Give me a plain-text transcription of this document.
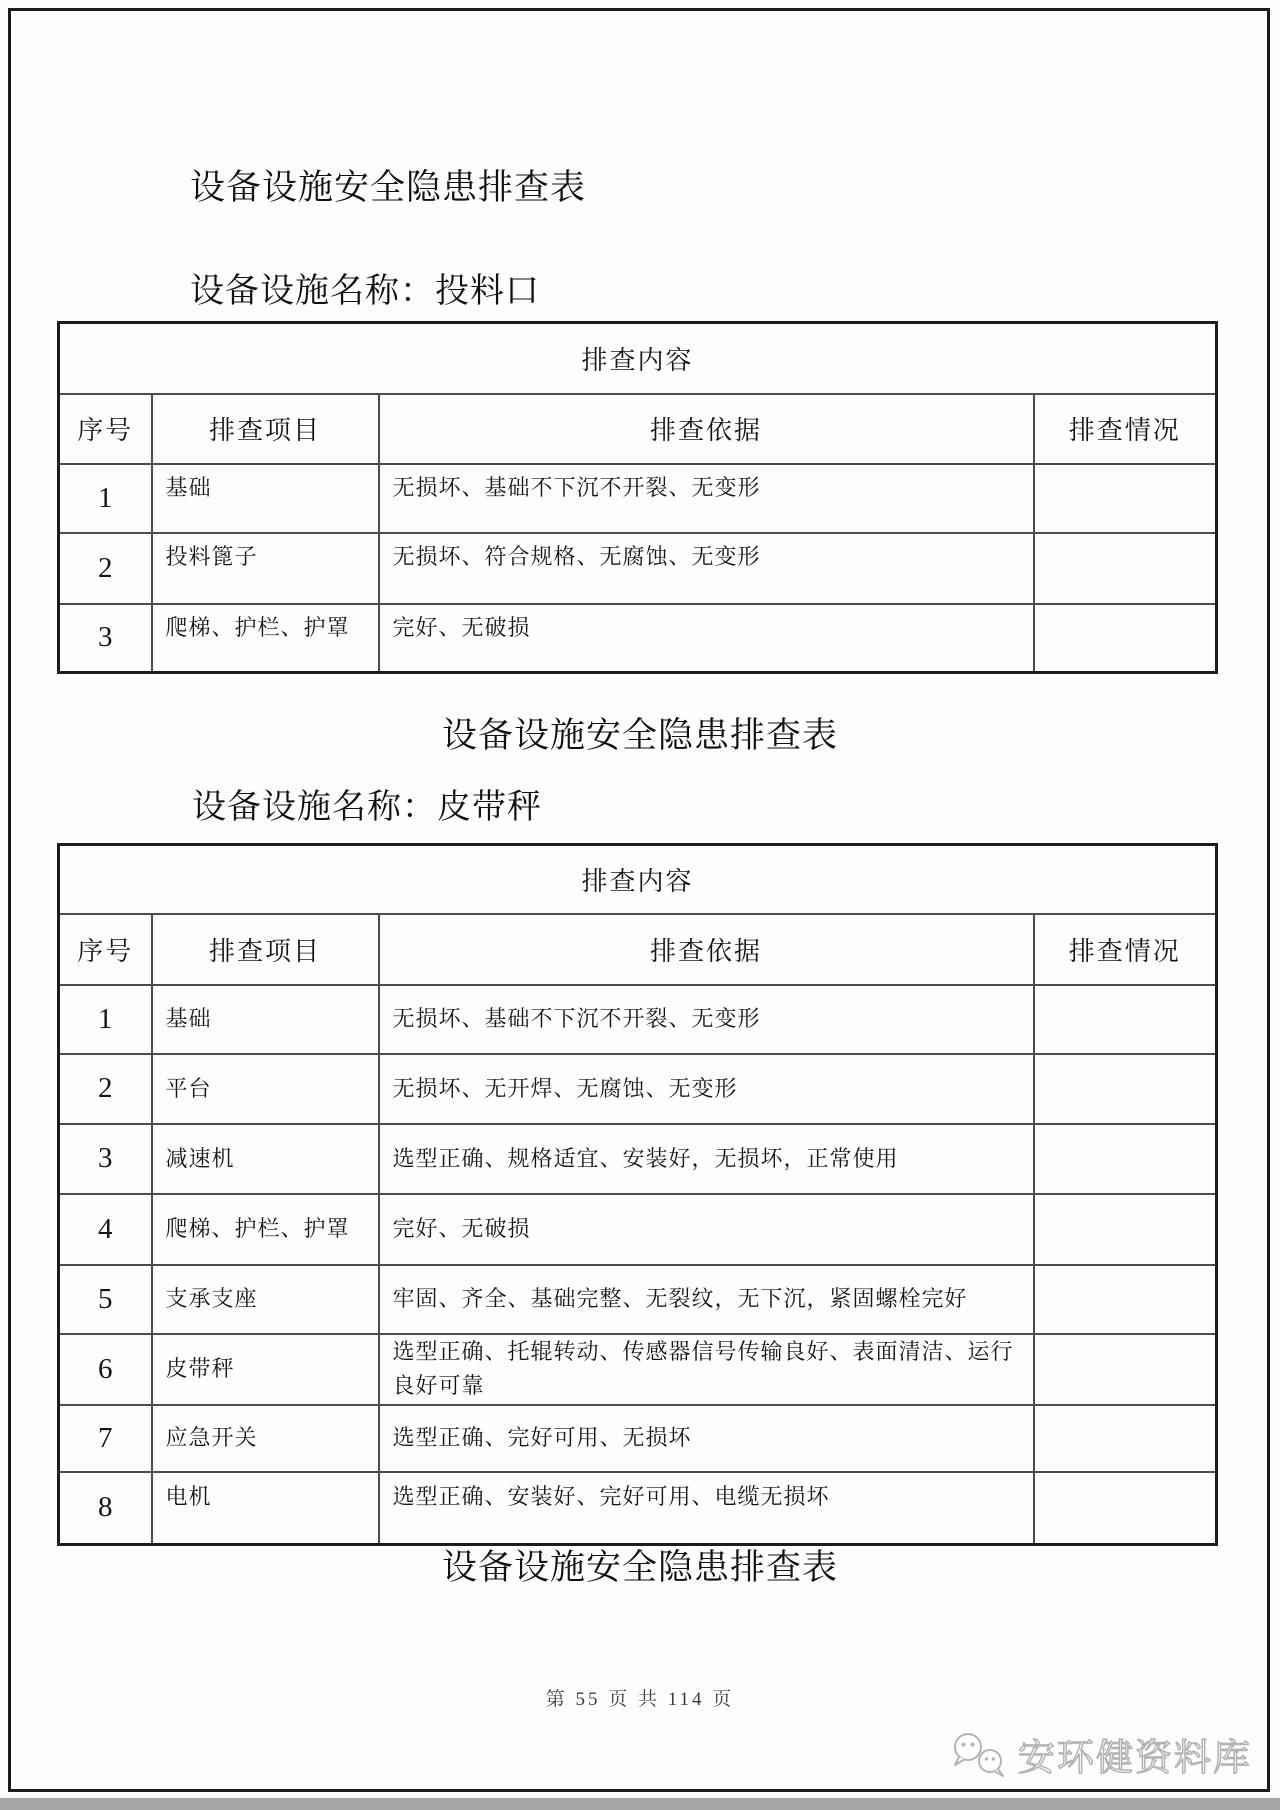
设备设施安全隐患排查表
设备设施名称：投料口
排查内容			
序号	排查项目	排查依据	排查情况
1	基础	无损坏、基础不下沉不开裂、无变形	
2	投料篦子	无损坏、符合规格、无腐蚀、无变形	
3	爬梯、护栏、护罩	完好、无破损	
设备设施安全隐患排查表
设备设施名称：皮带秤
排查内容			
序号	排查项目	排查依据	排查情况
1	基础	无损坏、基础不下沉不开裂、无变形	
2	平台	无损坏、无开焊、无腐蚀、无变形	
3	减速机	选型正确、规格适宜、安装好，无损坏，正常使用	
4	爬梯、护栏、护罩	完好、无破损	
5	支承支座	牢固、齐全、基础完整、无裂纹，无下沉，紧固螺栓完好	
6	皮带秤	选型正确、托辊转动、传感器信号传输良好、表面清洁、运行良好可靠	
7	应急开关	选型正确、完好可用、无损坏	
8	电机	选型正确、安装好、完好可用、电缆无损坏	
设备设施安全隐患排查表
第 55 页 共 114 页
安环健资料库
